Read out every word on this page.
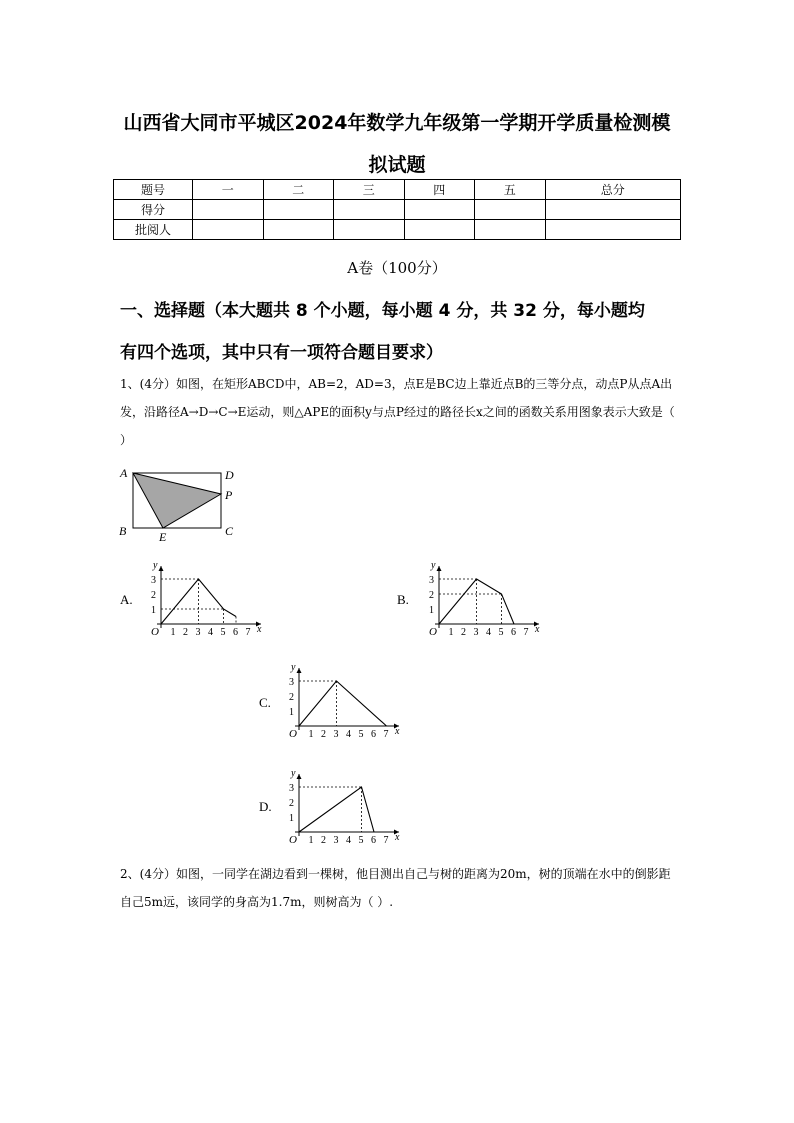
山西省大同市平城区2024年数学九年级第一学期开学质量检测模
拟试题
题号	一	二	三	四	五	总分
得分						
批阅人						
A卷（100分）
一、选择题（本大题共 8 个小题，每小题 4 分，共 32 分，每小题均
有四个选项，其中只有一项符合题目要求）
1、(4分）如图，在矩形ABCD中，AB=2，AD=3，点E是BC边上靠近点B的三等分点，动点P从点A出发，沿路径A→D→C→E运动，则△APE的面积y与点P经过的路径长x之间的函数关系用图象表示大致是（ ）
A	D
P
B	C
E
A.	B.
C.
D.
O	x
y
1 2 3 4 5 6 7
1
2
3
O	x
y
1 2 3 4 5 6 7
1
2
3
O	x
y
1 2 3 4 5 6 7
1
2
3
O	x
y
1 2 3 4 5 6 7
1
2
3
2、(4分）如图，一同学在湖边看到一棵树，他目测出自己与树的距离为20m，树的顶端在水中的倒影距自己5m远，该同学的身高为1.7m，则树高为（ ）.
